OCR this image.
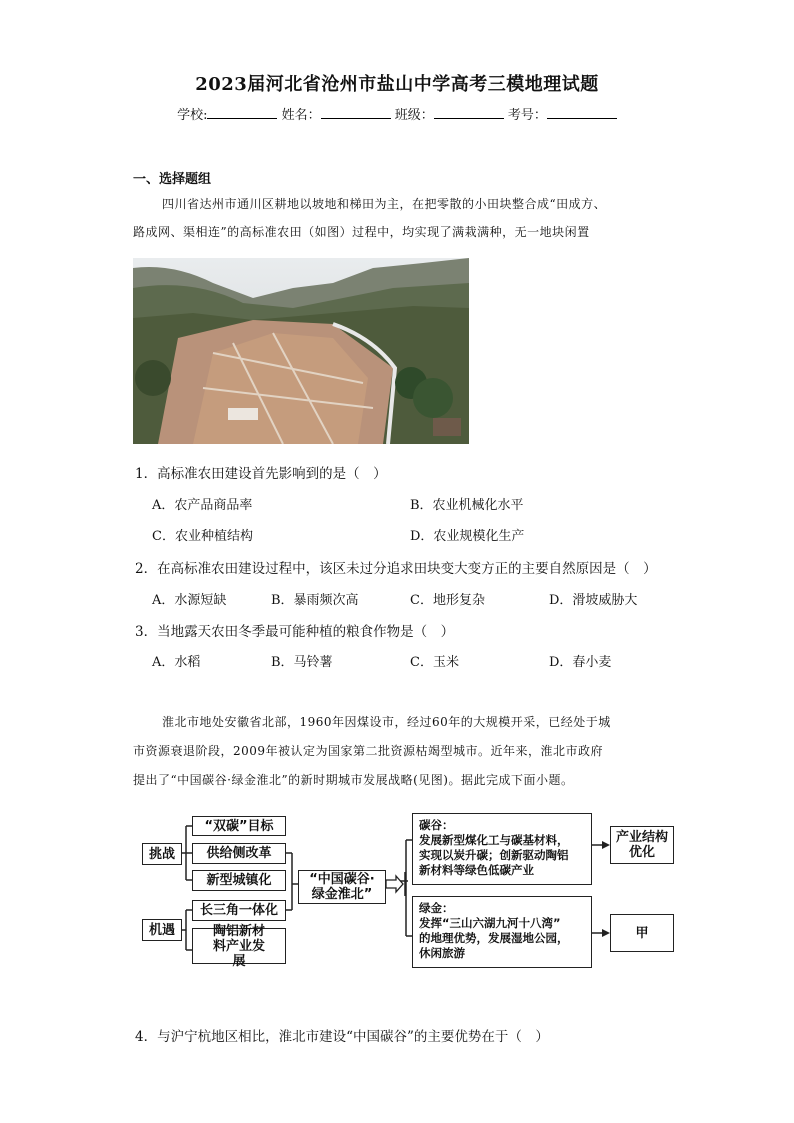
2023届河北省沧州市盐山中学高考三模地理试题
学校:	姓名：	班级：	考号：
一、选择题组
四川省达州市通川区耕地以坡地和梯田为主，在把零散的小田块整合成“田成方、
路成网、渠相连”的高标准农田（如图）过程中，均实现了满栽满种，无一地块闲置
1．高标准农田建设首先影响到的是（　）
A．农产品商品率	B．农业机械化水平
C．农业种植结构	D．农业规模化生产
2．在高标准农田建设过程中，该区未过分追求田块变大变方正的主要自然原因是（　）
A．水源短缺	B．暴雨频次高	C．地形复杂	D．滑坡威胁大
3．当地露天农田冬季最可能种植的粮食作物是（　）
A．水稻	B．马铃薯	C．玉米	D．春小麦
淮北市地处安徽省北部，1960年因煤设市，经过60年的大规模开采，已经处于城
市资源衰退阶段，2009年被认定为国家第二批资源枯竭型城市。近年来，淮北市政府
提出了“中国碳谷·绿金淮北”的新时期城市发展战略(见图)。据此完成下面小题。
挑战
机遇
“双碳”目标
供给侧改革
新型城镇化
长三角一体化
陶铝新材料产业发展
“中国碳谷·
绿金淮北”
碳谷：
发展新型煤化工与碳基材料，
实现以炭升碳；创新驱动陶铝
新材料等绿色低碳产业
绿金：
发挥“三山六湖九河十八湾”
的地理优势，发展湿地公园，
休闲旅游
产业结构
优化
甲
4．与沪宁杭地区相比，淮北市建设“中国碳谷”的主要优势在于（　）
